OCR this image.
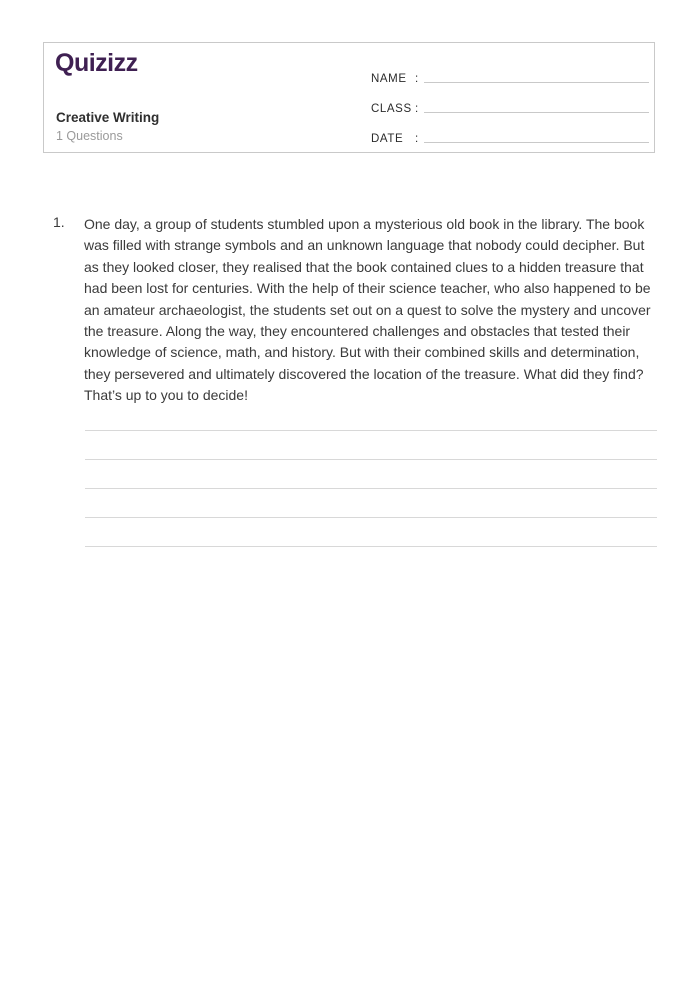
Quizizz
Creative Writing
1 Questions
NAME :
CLASS :
DATE	:
1. One day, a group of students stumbled upon a mysterious old book in the library. The book was filled with strange symbols and an unknown language that nobody could decipher. But as they looked closer, they realised that the book contained clues to a hidden treasure that had been lost for centuries. With the help of their science teacher, who also happened to be an amateur archaeologist, the students set out on a quest to solve the mystery and uncover the treasure. Along the way, they encountered challenges and obstacles that tested their knowledge of science, math, and history. But with their combined skills and determination, they persevered and ultimately discovered the location of the treasure. What did they find? That’s up to you to decide!
